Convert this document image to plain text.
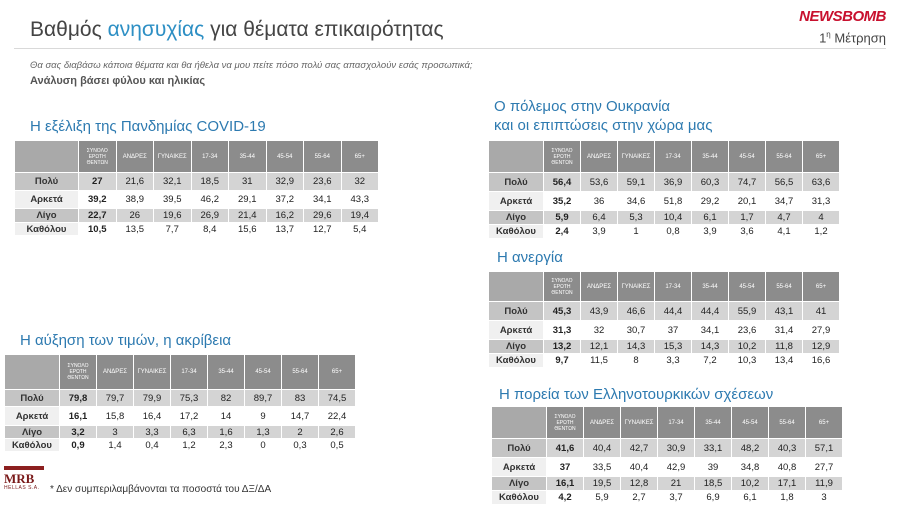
Βαθμός ανησυχίας για θέματα επικαιρότητας
NEWSBOMB
$1^\eta$ Μέτρηση
Θα σας διαβάσω κάποια θέματα και θα ήθελα να μου πείτε πόσο πολύ σας απασχολούν εσάς προσωπικά;
Ανάλυση βάσει φύλου και ηλικίας
Η εξέλιξη της Πανδημίας COVID-19
Η αύξηση των τιμών, η ακρίβεια
Ο πόλεμος στην Ουκρανία
και οι επιπτώσεις στην χώρα μας
Η ανεργία
Η πορεία των Ελληνοτουρκικών σχέσεων
	ΣΥΝΟΛΟ ΕΡΩΤΗ ΘΕΝΤΩΝ	ΑΝΔΡΕΣ	ΓΥΝΑΙΚΕΣ	17-34	35-44	45-54	55-64	65+
Πολύ	27	21,6	32,1	18,5	31	32,9	23,6	32
Αρκετά	39,2	38,9	39,5	46,2	29,1	37,2	34,1	43,3
Λίγο	22,7	26	19,6	26,9	21,4	16,2	29,6	19,4
Καθόλου	10,5	13,5	7,7	8,4	15,6	13,7	12,7	5,4
	ΣΥΝΟΛΟ ΕΡΩΤΗ ΘΕΝΤΩΝ	ΑΝΔΡΕΣ	ΓΥΝΑΙΚΕΣ	17-34	35-44	45-54	55-64	65+
Πολύ	79,8	79,7	79,9	75,3	82	89,7	83	74,5
Αρκετά	16,1	15,8	16,4	17,2	14	9	14,7	22,4
Λίγο	3,2	3	3,3	6,3	1,6	1,3	2	2,6
Καθόλου	0,9	1,4	0,4	1,2	2,3	0	0,3	0,5
	ΣΥΝΟΛΟ ΕΡΩΤΗ ΘΕΝΤΩΝ	ΑΝΔΡΕΣ	ΓΥΝΑΙΚΕΣ	17-34	35-44	45-54	55-64	65+
Πολύ	56,4	53,6	59,1	36,9	60,3	74,7	56,5	63,6
Αρκετά	35,2	36	34,6	51,8	29,2	20,1	34,7	31,3
Λίγο	5,9	6,4	5,3	10,4	6,1	1,7	4,7	4
Καθόλου	2,4	3,9	1	0,8	3,9	3,6	4,1	1,2
	ΣΥΝΟΛΟ ΕΡΩΤΗ ΘΕΝΤΩΝ	ΑΝΔΡΕΣ	ΓΥΝΑΙΚΕΣ	17-34	35-44	45-54	55-64	65+
Πολύ	45,3	43,9	46,6	44,4	44,4	55,9	43,1	41
Αρκετά	31,3	32	30,7	37	34,1	23,6	31,4	27,9
Λίγο	13,2	12,1	14,3	15,3	14,3	10,2	11,8	12,9
Καθόλου	9,7	11,5	8	3,3	7,2	10,3	13,4	16,6
	ΣΥΝΟΛΟ ΕΡΩΤΗ ΘΕΝΤΩΝ	ΑΝΔΡΕΣ	ΓΥΝΑΙΚΕΣ	17-34	35-44	45-54	55-64	65+
Πολύ	41,6	40,4	42,7	30,9	33,1	48,2	40,3	57,1
Αρκετά	37	33,5	40,4	42,9	39	34,8	40,8	27,7
Λίγο	16,1	19,5	12,8	21	18,5	10,2	17,1	11,9
Καθόλου	4,2	5,9	2,7	3,7	6,9	6,1	1,8	3
MRB
HELLAS S.A.	* Δεν συμπεριλαμβάνονται τα ποσοστά του ΔΞ/ΔΑ
